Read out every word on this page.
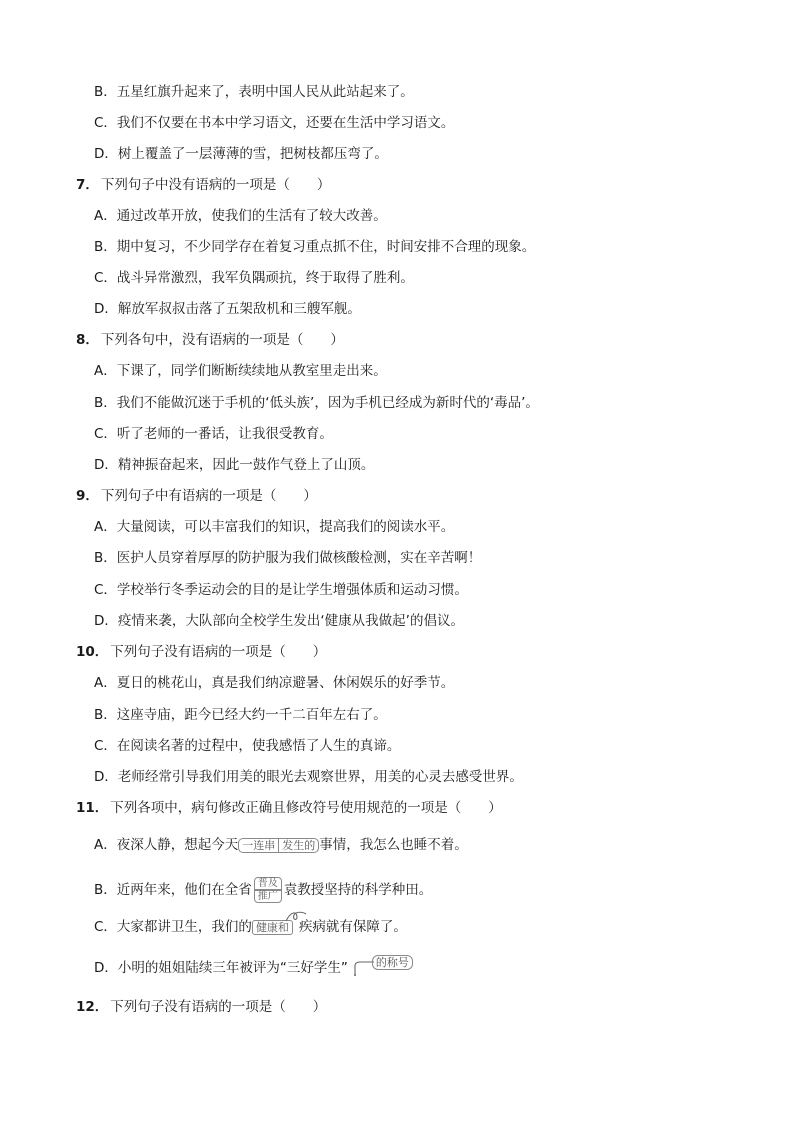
B．五星红旗升起来了，表明中国人民从此站起来了。
C．我们不仅要在书本中学习语文，还要在生活中学习语文。
D．树上覆盖了一层薄薄的雪，把树枝都压弯了。
7． 下列句子中没有语病的一项是（　　）
A．通过改革开放，使我们的生活有了较大改善。
B．期中复习，不少同学存在着复习重点抓不住，时间安排不合理的现象。
C．战斗异常激烈，我军负隅顽抗，终于取得了胜利。
D．解放军叔叔击落了五架敌机和三艘军舰。
8． 下列各句中，没有语病的一项是（　　）
A．下课了，同学们断断续续地从教室里走出来。
B．我们不能做沉迷于手机的‘低头族’，因为手机已经成为新时代的‘毒品’。
C．听了老师的一番话，让我很受教育。
D．精神振奋起来，因此一鼓作气登上了山顶。
9． 下列句子中有语病的一项是（　　）
A．大量阅读，可以丰富我们的知识，提高我们的阅读水平。
B．医护人员穿着厚厚的防护服为我们做核酸检测，实在辛苦啊！
C．学校举行冬季运动会的目的是让学生增强体质和运动习惯。
D．疫情来袭，大队部向全校学生发出‘健康从我做起’的倡议。
10． 下列句子没有语病的一项是（　　）
A．夏日的桃花山，真是我们纳凉避暑、休闲娱乐的好季节。
B．这座寺庙，距今已经大约一千二百年左右了。
C．在阅读名著的过程中，使我感悟了人生的真谛。
D．老师经常引导我们用美的眼光去观察世界，用美的心灵去感受世界。
11． 下列各项中，病句修改正确且修改符号使用规范的一项是（　　）
A．夜深人静，想起今天 一连串 发生的 事情，我怎么也睡不着。
B．近两年来，他们在全省 普及
推广 袁教授坚持的科学种田。
C．大家都讲卫生，我们的 健康和 疾病就有保障了。
D．小明的姐姐陆续三年被评为“三好学生”	的称号
12． 下列句子没有语病的一项是（　　）
